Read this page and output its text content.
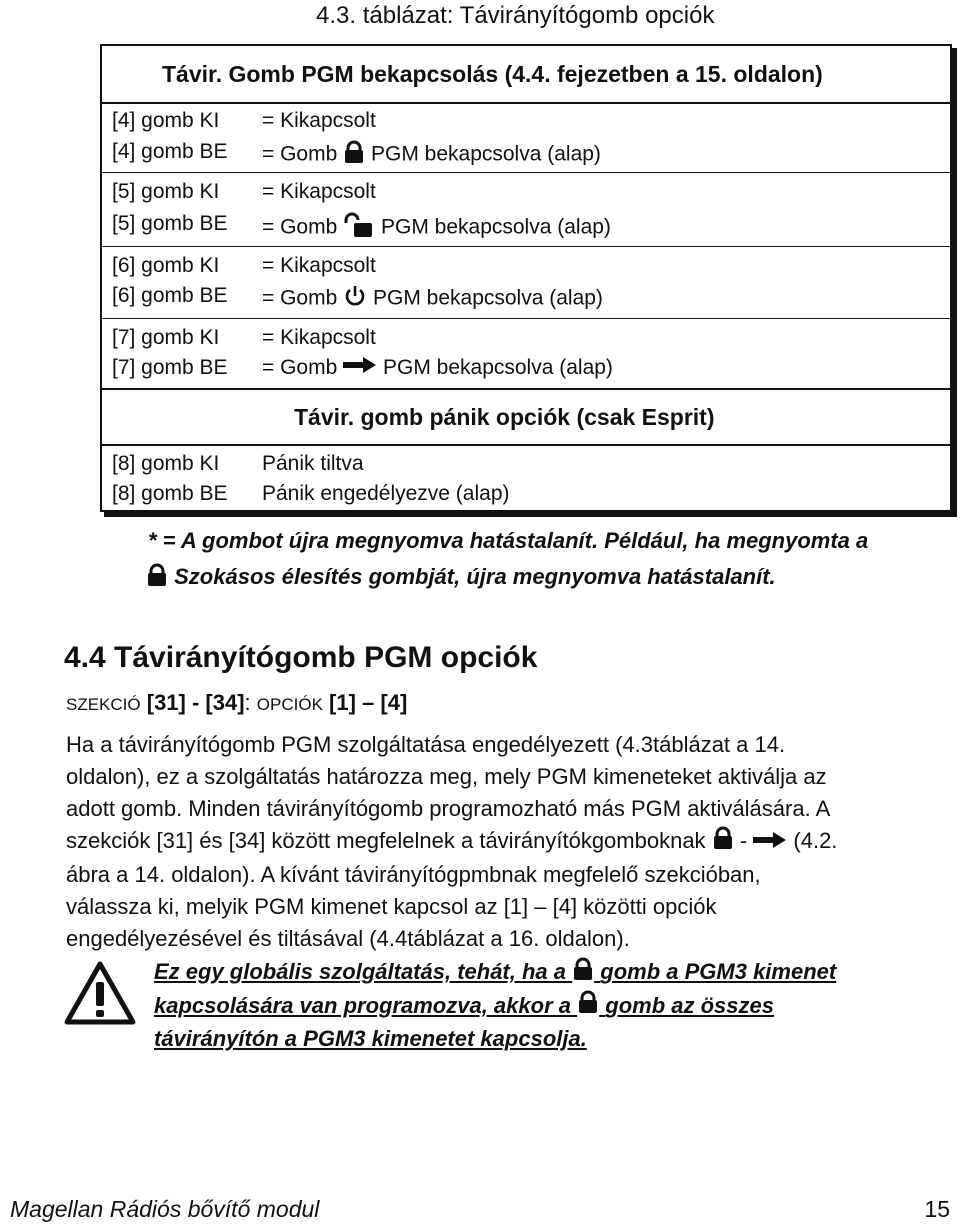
4.3. táblázat: Távirányítógomb opciók
Távir. Gomb PGM bekapcsolás (4.4. fejezetben a 15. oldalon)
[4] gomb KI = Kikapcsolt
[4] gomb BE = Gomb PGM bekapcsolva (alap)
[5] gomb KI = Kikapcsolt
[5] gomb BE = Gomb PGM bekapcsolva (alap)
[6] gomb KI = Kikapcsolt
[6] gomb BE = Gomb PGM bekapcsolva (alap)
[7] gomb KI = Kikapcsolt
[7] gomb BE = Gomb PGM bekapcsolva (alap)
Távir. gomb pánik opciók (csak Esprit)
[8] gomb KI Pánik tiltva
[8] gomb BE Pánik engedélyezve (alap)
* = A gombot újra megnyomva hatástalanít. Például, ha megnyomta a
Szokásos élesítés gombját, újra megnyomva hatástalanít.
4.4 Távirányítógomb PGM opciók
SZEKCIÓ [31] - [34]: OPCIÓK [1] – [4]
Ha a távirányítógomb PGM szolgáltatása engedélyezett (4.3táblázat a 14.
oldalon), ez a szolgáltatás határozza meg, mely PGM kimeneteket aktiválja az
adott gomb. Minden távirányítógomb programozható más PGM aktiválására. A
szekciók [31] és [34] között megfelelnek a távirányítókgomboknak - (4.2.
ábra a 14. oldalon). A kívánt távirányítógpmbnak megfelelő szekcióban,
válassza ki, melyik PGM kimenet kapcsol az [1] – [4] közötti opciók
engedélyezésével és tiltásával (4.4táblázat a 16. oldalon).
Ez egy globális szolgáltatás, tehát, ha a gomb a PGM3 kimenet
kapcsolására van programozva, akkor a gomb az összes
távirányítón a PGM3 kimenetet kapcsolja.
Magellan Rádiós bővítő modul	15
